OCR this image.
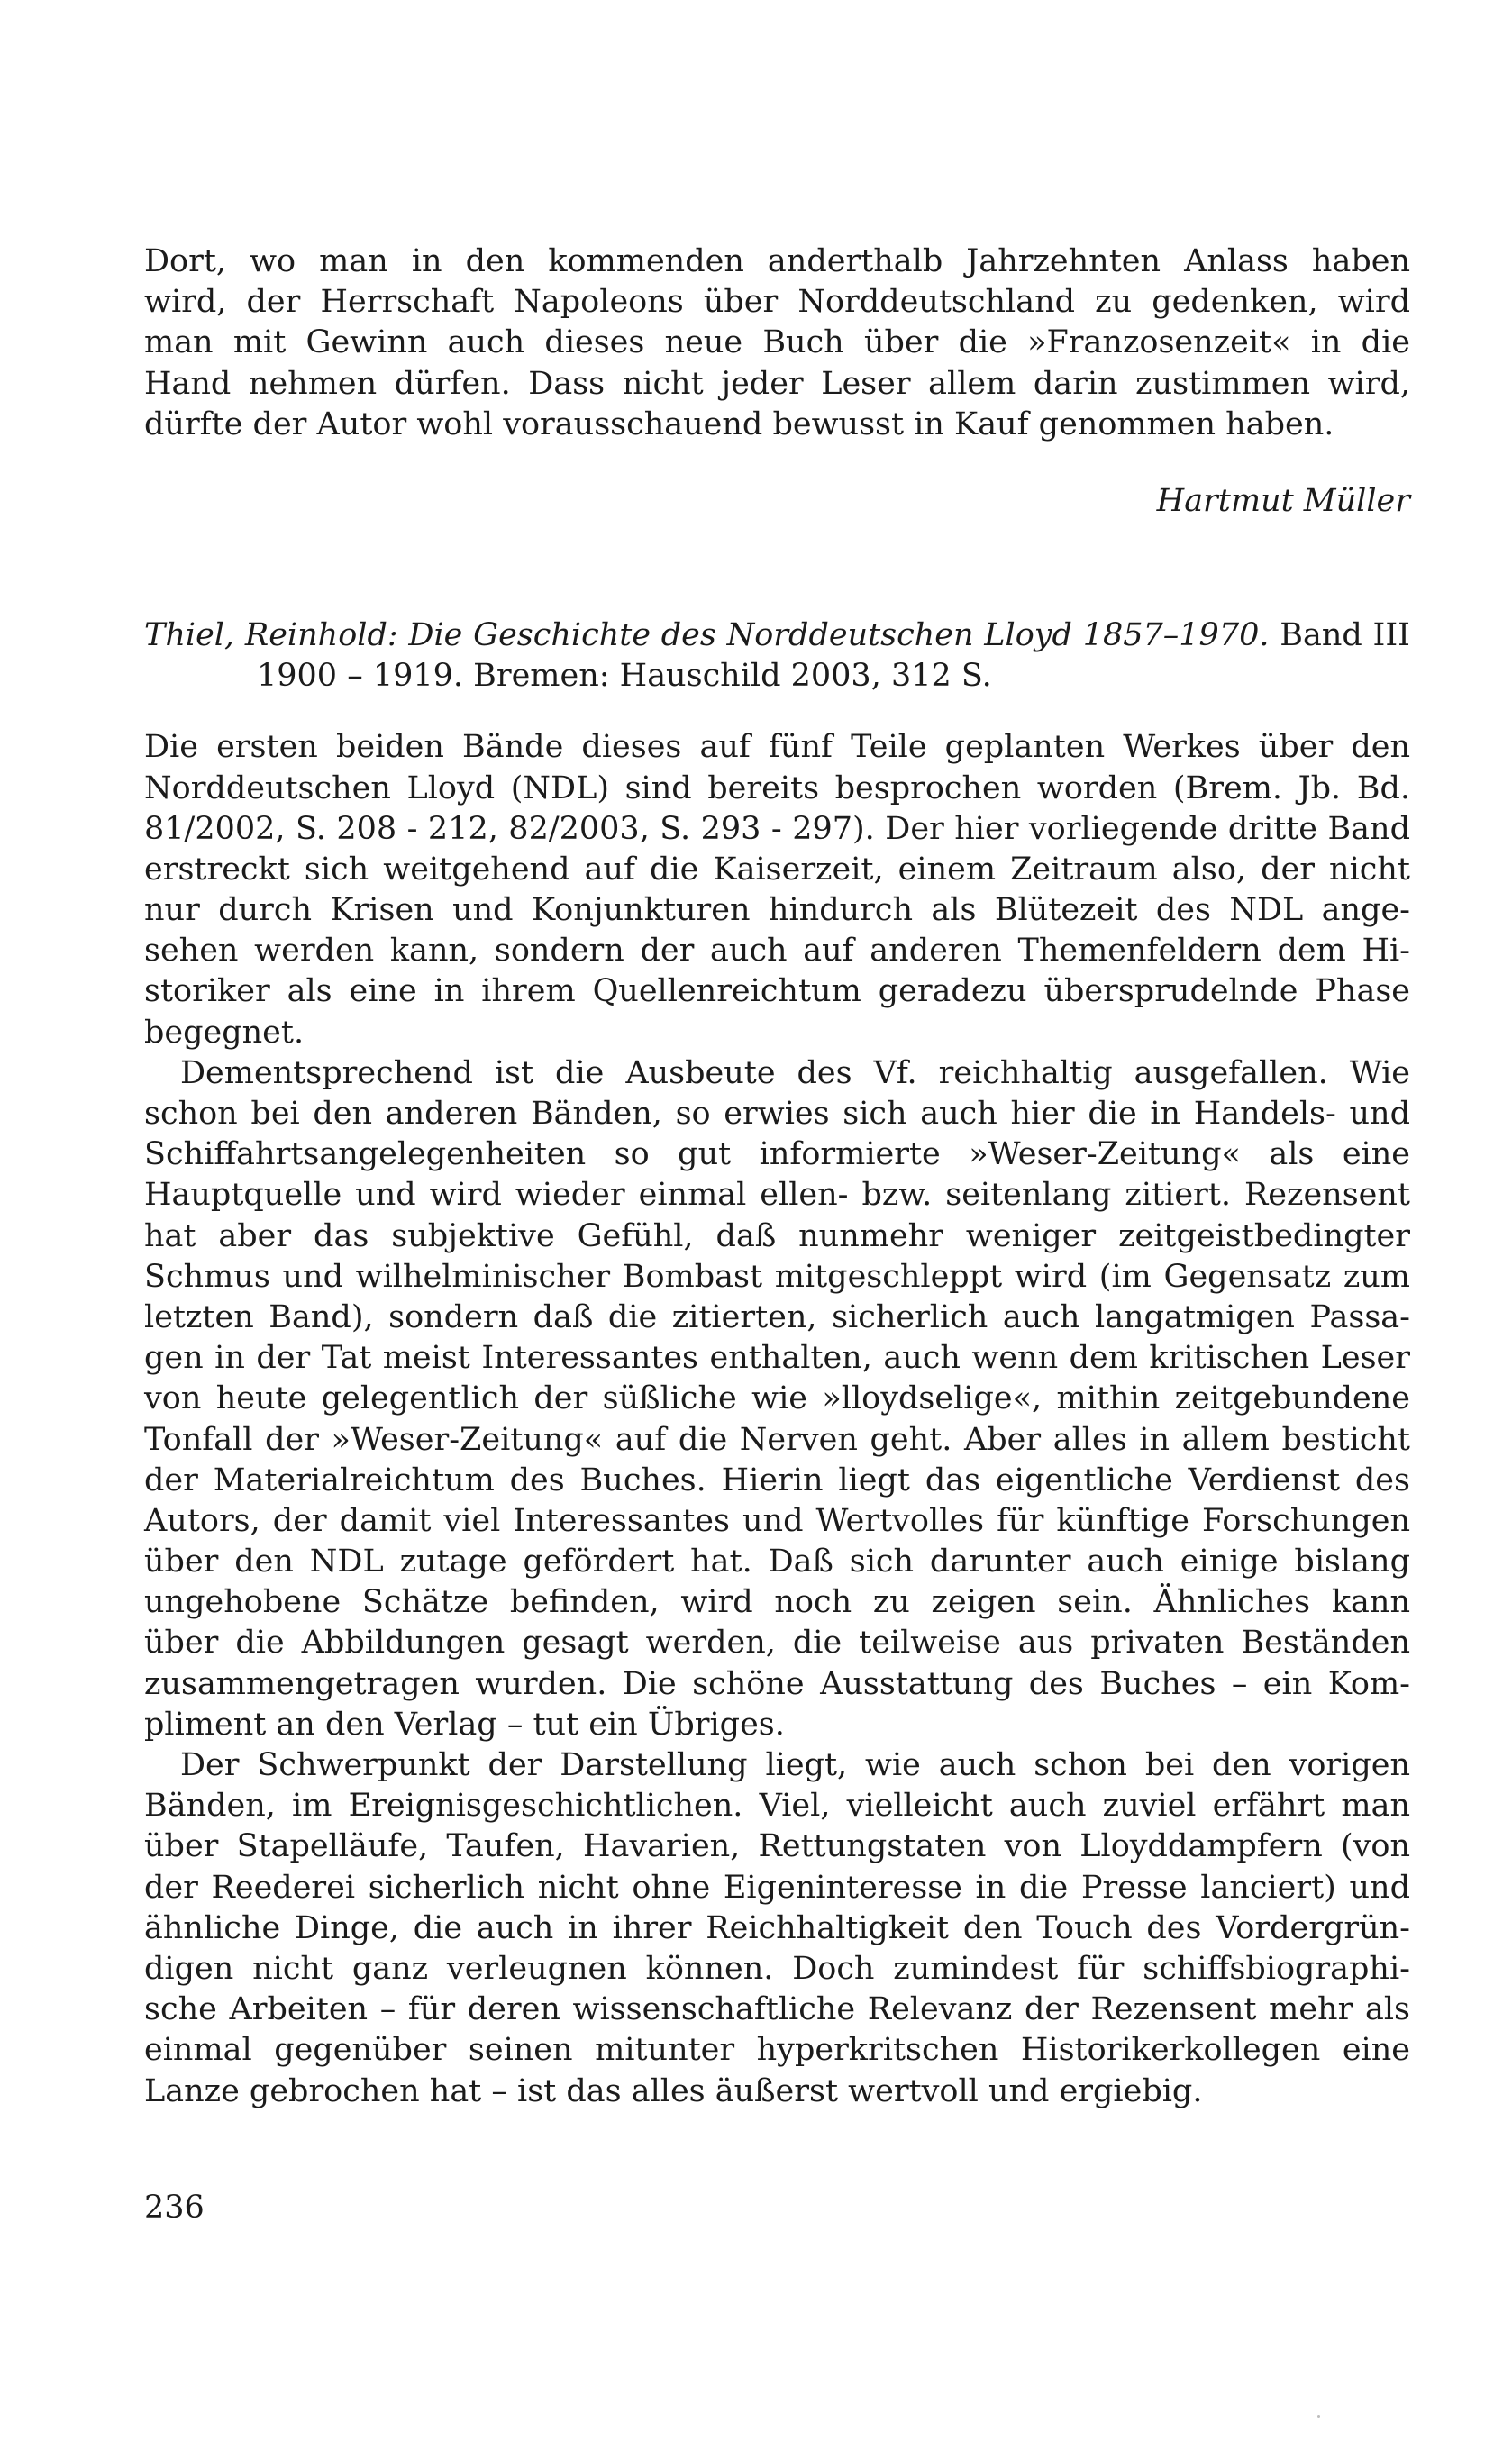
Dort, wo man in den kommenden anderthalb Jahrzehnten Anlass haben
wird, der Herrschaft Napoleons über Norddeutschland zu gedenken, wird
man mit Gewinn auch dieses neue Buch über die »Franzosenzeit« in die
Hand nehmen dürfen. Dass nicht jeder Leser allem darin zustimmen wird,
dürfte der Autor wohl vorausschauend bewusst in Kauf genommen haben.
Hartmut Müller
Thiel, Reinhold: Die Geschichte des Norddeutschen Lloyd 1857–1970. Band III
1900 – 1919. Bremen: Hauschild 2003, 312 S.
Die ersten beiden Bände dieses auf fünf Teile geplanten Werkes über den
Norddeutschen Lloyd (NDL) sind bereits besprochen worden (Brem. Jb. Bd.
81/2002, S. 208 - 212, 82/2003, S. 293 - 297). Der hier vorliegende dritte Band
erstreckt sich weitgehend auf die Kaiserzeit, einem Zeitraum also, der nicht
nur durch Krisen und Konjunkturen hindurch als Blütezeit des NDL ange-
sehen werden kann, sondern der auch auf anderen Themenfeldern dem Hi-
storiker als eine in ihrem Quellenreichtum geradezu übersprudelnde Phase
begegnet.
Dementsprechend ist die Ausbeute des Vf. reichhaltig ausgefallen. Wie
schon bei den anderen Bänden, so erwies sich auch hier die in Handels- und
Schiffahrtsangelegenheiten so gut informierte »Weser-Zeitung« als eine
Hauptquelle und wird wieder einmal ellen- bzw. seitenlang zitiert. Rezensent
hat aber das subjektive Gefühl, daß nunmehr weniger zeitgeistbedingter
Schmus und wilhelminischer Bombast mitgeschleppt wird (im Gegensatz zum
letzten Band), sondern daß die zitierten, sicherlich auch langatmigen Passa-
gen in der Tat meist Interessantes enthalten, auch wenn dem kritischen Leser
von heute gelegentlich der süßliche wie »lloydselige«, mithin zeitgebundene
Tonfall der »Weser-Zeitung« auf die Nerven geht. Aber alles in allem besticht
der Materialreichtum des Buches. Hierin liegt das eigentliche Verdienst des
Autors, der damit viel Interessantes und Wertvolles für künftige Forschungen
über den NDL zutage gefördert hat. Daß sich darunter auch einige bislang
ungehobene Schätze befinden, wird noch zu zeigen sein. Ähnliches kann
über die Abbildungen gesagt werden, die teilweise aus privaten Beständen
zusammengetragen wurden. Die schöne Ausstattung des Buches – ein Kom-
pliment an den Verlag – tut ein Übriges.
Der Schwerpunkt der Darstellung liegt, wie auch schon bei den vorigen
Bänden, im Ereignisgeschichtlichen. Viel, vielleicht auch zuviel erfährt man
über Stapelläufe, Taufen, Havarien, Rettungstaten von Lloyddampfern (von
der Reederei sicherlich nicht ohne Eigeninteresse in die Presse lanciert) und
ähnliche Dinge, die auch in ihrer Reichhaltigkeit den Touch des Vordergrün-
digen nicht ganz verleugnen können. Doch zumindest für schiffsbiographi-
sche Arbeiten – für deren wissenschaftliche Relevanz der Rezensent mehr als
einmal gegenüber seinen mitunter hyperkritschen Historikerkollegen eine
Lanze gebrochen hat – ist das alles äußerst wertvoll und ergiebig.
236
